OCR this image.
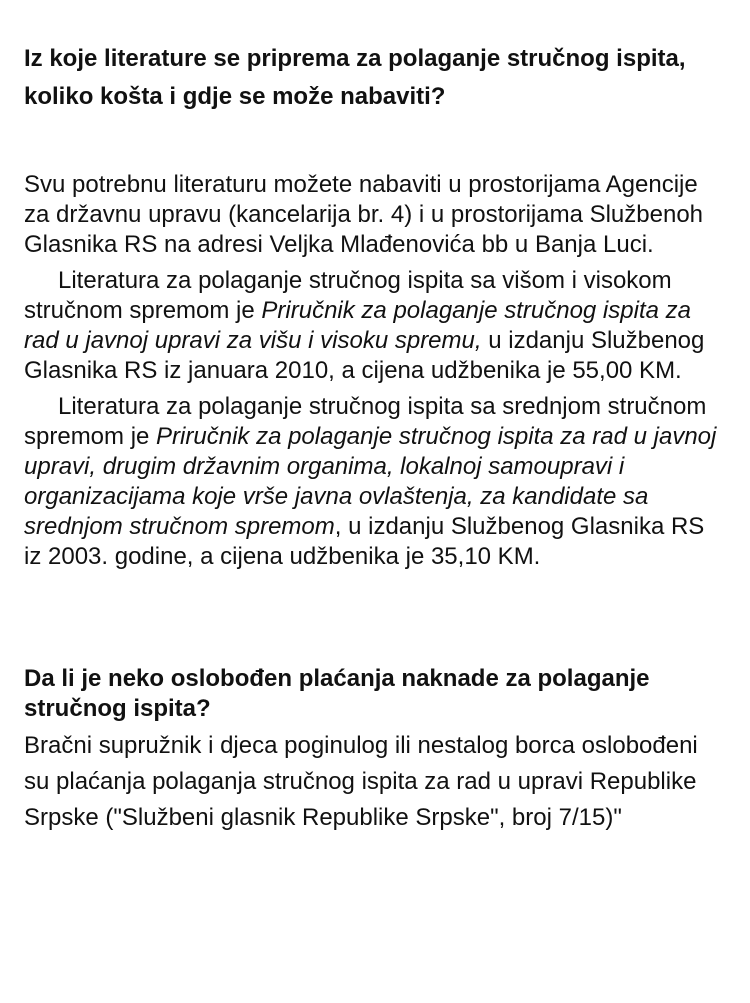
Iz koje literature se priprema za polaganje stručnog ispita, koliko košta i gdje se može nabaviti?

Svu potrebnu literaturu možete nabaviti u prostorijama Agencije za državnu upravu (kancelarija br. 4) i u prostorijama Službenoh Glasnika RS na adresi Veljka Mlađenovića bb u Banja Luci.

Literatura za polaganje stručnog ispita sa višom i visokom stručnom spremom je Priručnik za polaganje stručnog ispita za rad u javnoj upravi za višu i visoku spremu, u izdanju Službenog Glasnika RS iz januara 2010, a cijena udžbenika je 55,00 KM.

Literatura za polaganje stručnog ispita sa srednjom stručnom spremom je Priručnik za polaganje stručnog ispita za rad u javnoj upravi, drugim državnim organima, lokalnoj samoupravi i organizacijama koje vrše javna ovlaštenja, za kandidate sa srednjom stručnom spremom, u izdanju Službenog Glasnika RS iz 2003. godine, a cijena udžbenika je 35,10 KM.

Da li je neko oslobođen plaćanja naknade za polaganje stručnog ispita?

Bračni supružnik i djeca poginulog ili nestalog borca oslobođeni su plaćanja polaganja stručnog ispita za rad u upravi Republike Srpske ("Službeni glasnik Republike Srpske", broj 7/15)"
